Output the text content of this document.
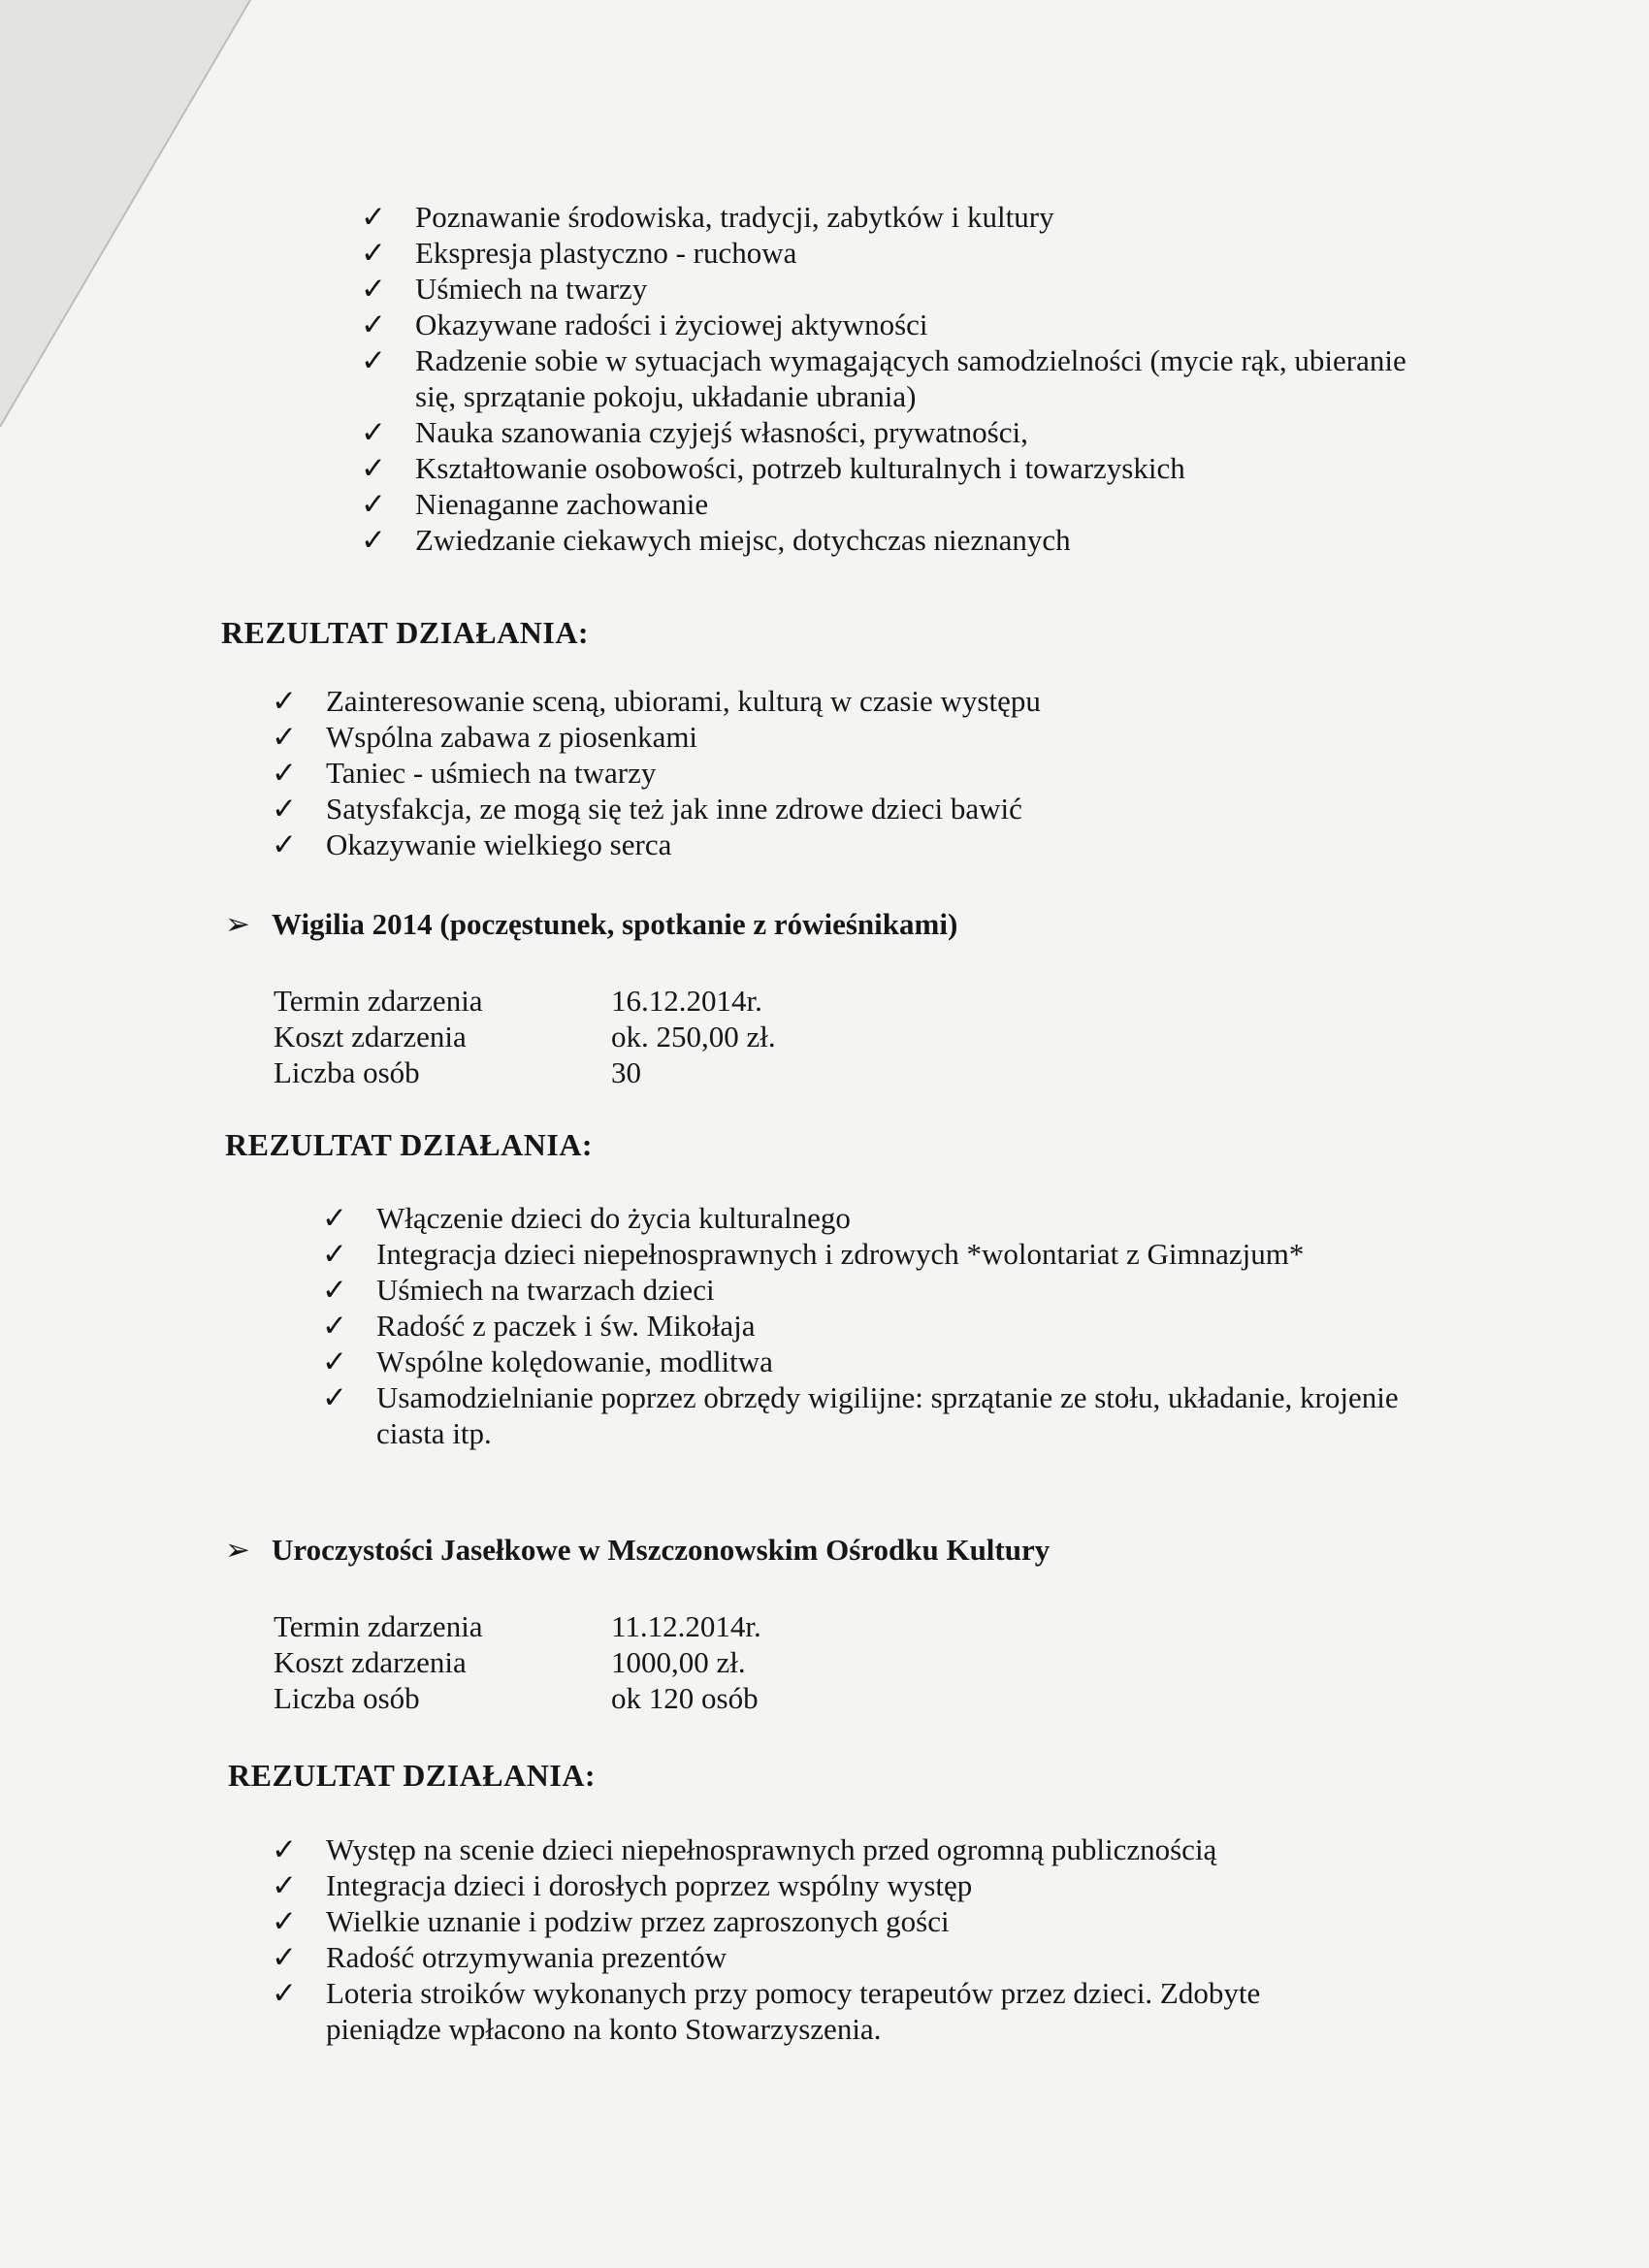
✓ Poznawanie środowiska, tradycji, zabytków i kultury
✓ Ekspresja plastyczno - ruchowa
✓ Uśmiech na twarzy
✓ Okazywane radości i życiowej aktywności
✓ Radzenie sobie w sytuacjach wymagających samodzielności (mycie rąk, ubieranie się, sprzątanie pokoju, układanie ubrania)
✓ Nauka szanowania czyjejś własności, prywatności,
✓ Kształtowanie osobowości, potrzeb kulturalnych i towarzyskich
✓ Nienaganne zachowanie
✓ Zwiedzanie ciekawych miejsc, dotychczas nieznanych
REZULTAT DZIAŁANIA:
✓ Zainteresowanie sceną, ubiorami, kulturą w czasie występu
✓ Wspólna zabawa z piosenkami
✓ Taniec - uśmiech na twarzy
✓ Satysfakcja, ze mogą się też jak inne zdrowe dzieci bawić
✓ Okazywanie wielkiego serca
➢ Wigilia 2014 (poczęstunek, spotkanie z rówieśnikami)
Termin zdarzenia	16.12.2014r.
Koszt zdarzenia	ok. 250,00 zł.
Liczba osób	30
REZULTAT DZIAŁANIA:
✓ Włączenie dzieci do życia kulturalnego
✓ Integracja dzieci niepełnosprawnych i zdrowych *wolontariat z Gimnazjum*
✓ Uśmiech na twarzach dzieci
✓ Radość z paczek i św. Mikołaja
✓ Wspólne kolędowanie, modlitwa
✓ Usamodzielnianie poprzez obrzędy wigilijne: sprzątanie ze stołu, układanie, krojenie ciasta itp.
➢ Uroczystości Jasełkowe w Mszczonowskim Ośrodku Kultury
Termin zdarzenia	11.12.2014r.
Koszt zdarzenia	1000,00 zł.
Liczba osób	ok 120 osób
REZULTAT DZIAŁANIA:
✓ Występ na scenie dzieci niepełnosprawnych przed ogromną publicznością
✓ Integracja dzieci i dorosłych poprzez wspólny występ
✓ Wielkie uznanie i podziw przez zaproszonych gości
✓ Radość otrzymywania prezentów
✓ Loteria stroików wykonanych przy pomocy terapeutów przez dzieci. Zdobyte pieniądze wpłacono na konto Stowarzyszenia.
